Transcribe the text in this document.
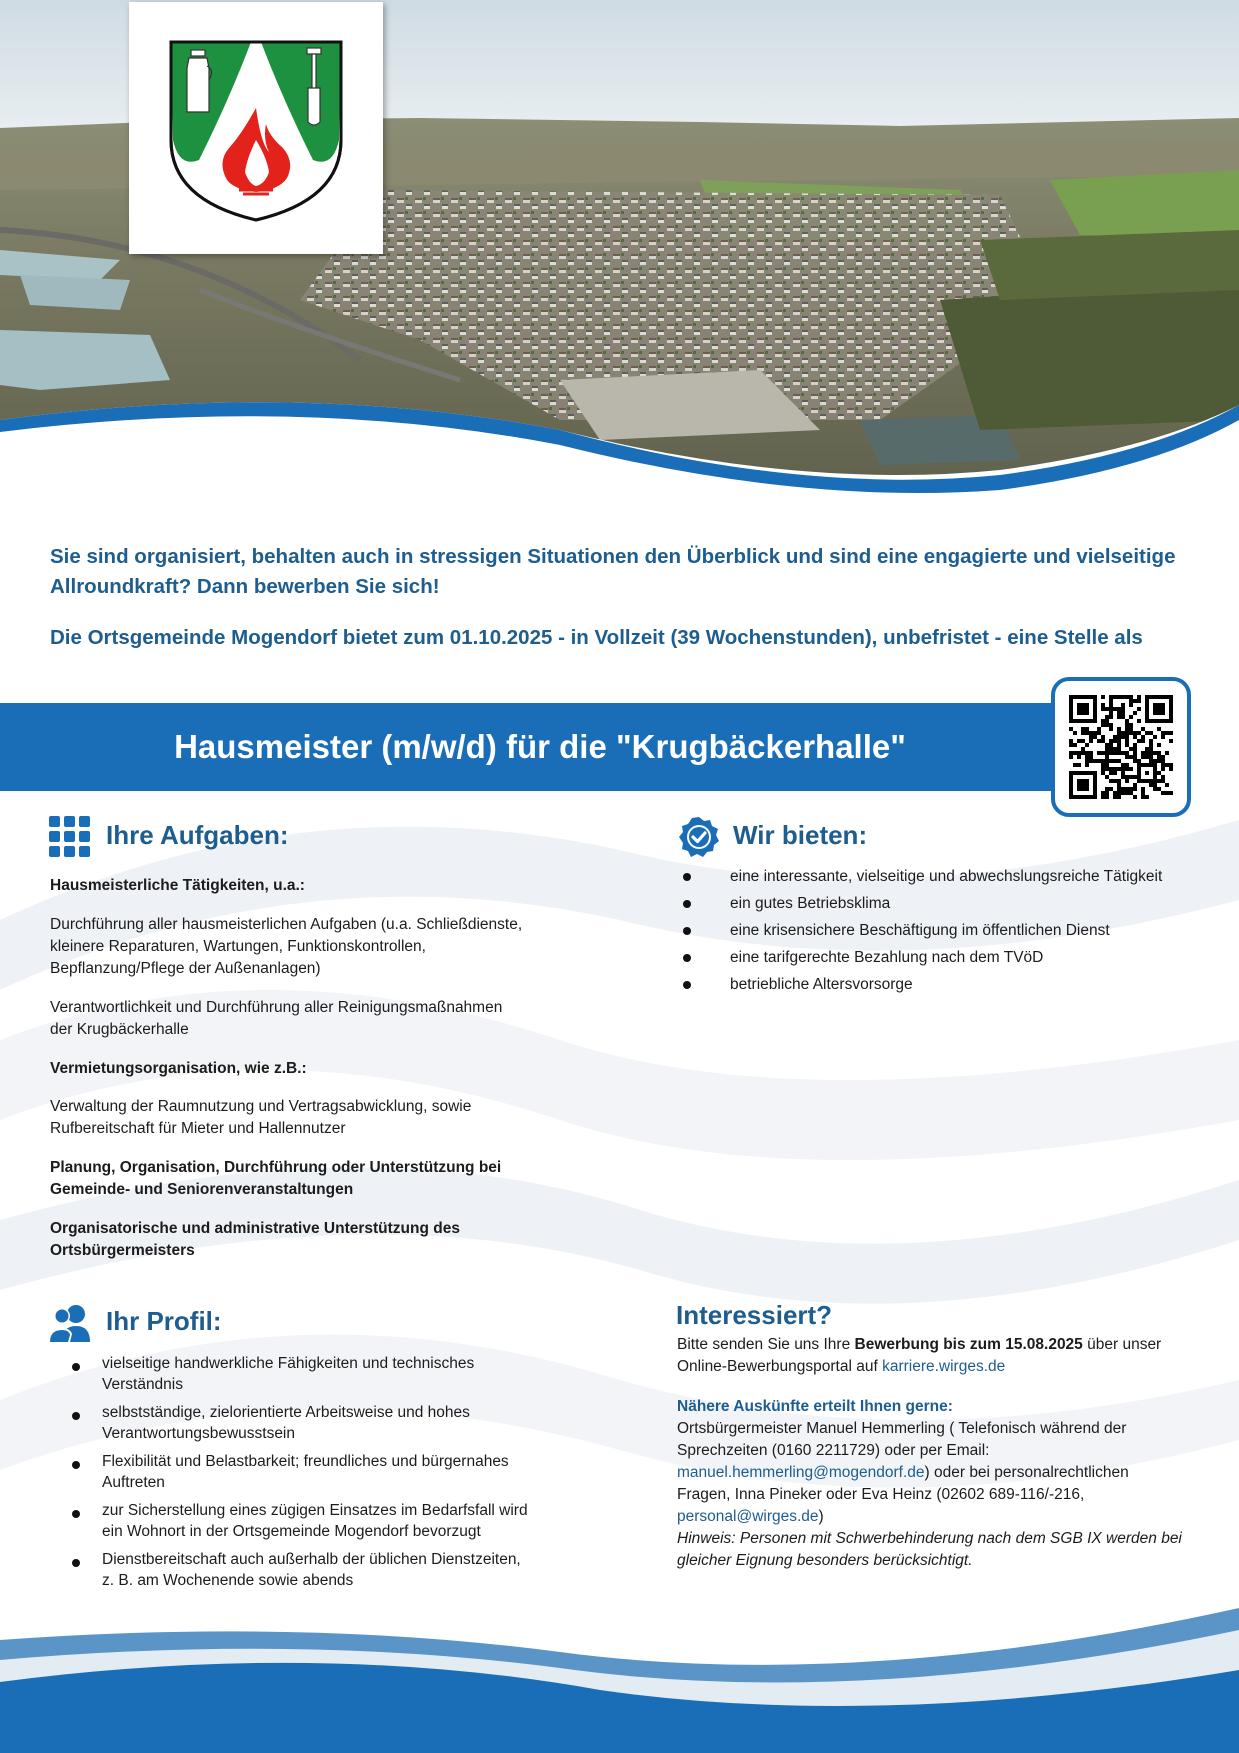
Sie sind organisiert, behalten auch in stressigen Situationen den Überblick und sind eine engagierte und vielseitige
Allroundkraft? Dann bewerben Sie sich!
Die Ortsgemeinde Mogendorf bietet zum 01.10.2025 - in Vollzeit (39 Wochenstunden), unbefristet - eine Stelle als
Hausmeister (m/w/d) für die "Krugbäckerhalle"
Ihre Aufgaben:
Hausmeisterliche Tätigkeiten, u.a.:
Durchführung aller hausmeisterlichen Aufgaben (u.a. Schließdienste,
kleinere Reparaturen, Wartungen, Funktionskontrollen,
Bepflanzung/Pflege der Außenanlagen)
Verantwortlichkeit und Durchführung aller Reinigungsmaßnahmen
der Krugbäckerhalle
Vermietungsorganisation, wie z.B.:
Verwaltung der Raumnutzung und Vertragsabwicklung, sowie
Rufbereitschaft für Mieter und Hallennutzer
Planung, Organisation, Durchführung oder Unterstützung bei
Gemeinde- und Seniorenveranstaltungen
Organisatorische und administrative Unterstützung des
Ortsbürgermeisters
Wir bieten:
eine interessante, vielseitige und abwechslungsreiche Tätigkeit
ein gutes Betriebsklima
eine krisensichere Beschäftigung im öffentlichen Dienst
eine tarifgerechte Bezahlung nach dem TVöD
betriebliche Altersvorsorge
Ihr Profil:
vielseitige handwerkliche Fähigkeiten und technisches
Verständnis
selbstständige, zielorientierte Arbeitsweise und hohes
Verantwortungsbewusstsein
Flexibilität und Belastbarkeit; freundliches und bürgernahes
Auftreten
zur Sicherstellung eines zügigen Einsatzes im Bedarfsfall wird
ein Wohnort in der Ortsgemeinde Mogendorf bevorzugt
Dienstbereitschaft auch außerhalb der üblichen Dienstzeiten,
z. B. am Wochenende sowie abends
Interessiert?
Bitte senden Sie uns Ihre Bewerbung bis zum 15.08.2025 über unser
Online-Bewerbungsportal auf karriere.wirges.de
Nähere Auskünfte erteilt Ihnen gerne:
Ortsbürgermeister Manuel Hemmerling ( Telefonisch während der
Sprechzeiten (0160 2211729) oder per Email:
manuel.hemmerling@mogendorf.de) oder bei personalrechtlichen
Fragen, Inna Pineker oder Eva Heinz (02602 689-116/-216,
personal@wirges.de)
Hinweis: Personen mit Schwerbehinderung nach dem SGB IX werden bei
gleicher Eignung besonders berücksichtigt.
